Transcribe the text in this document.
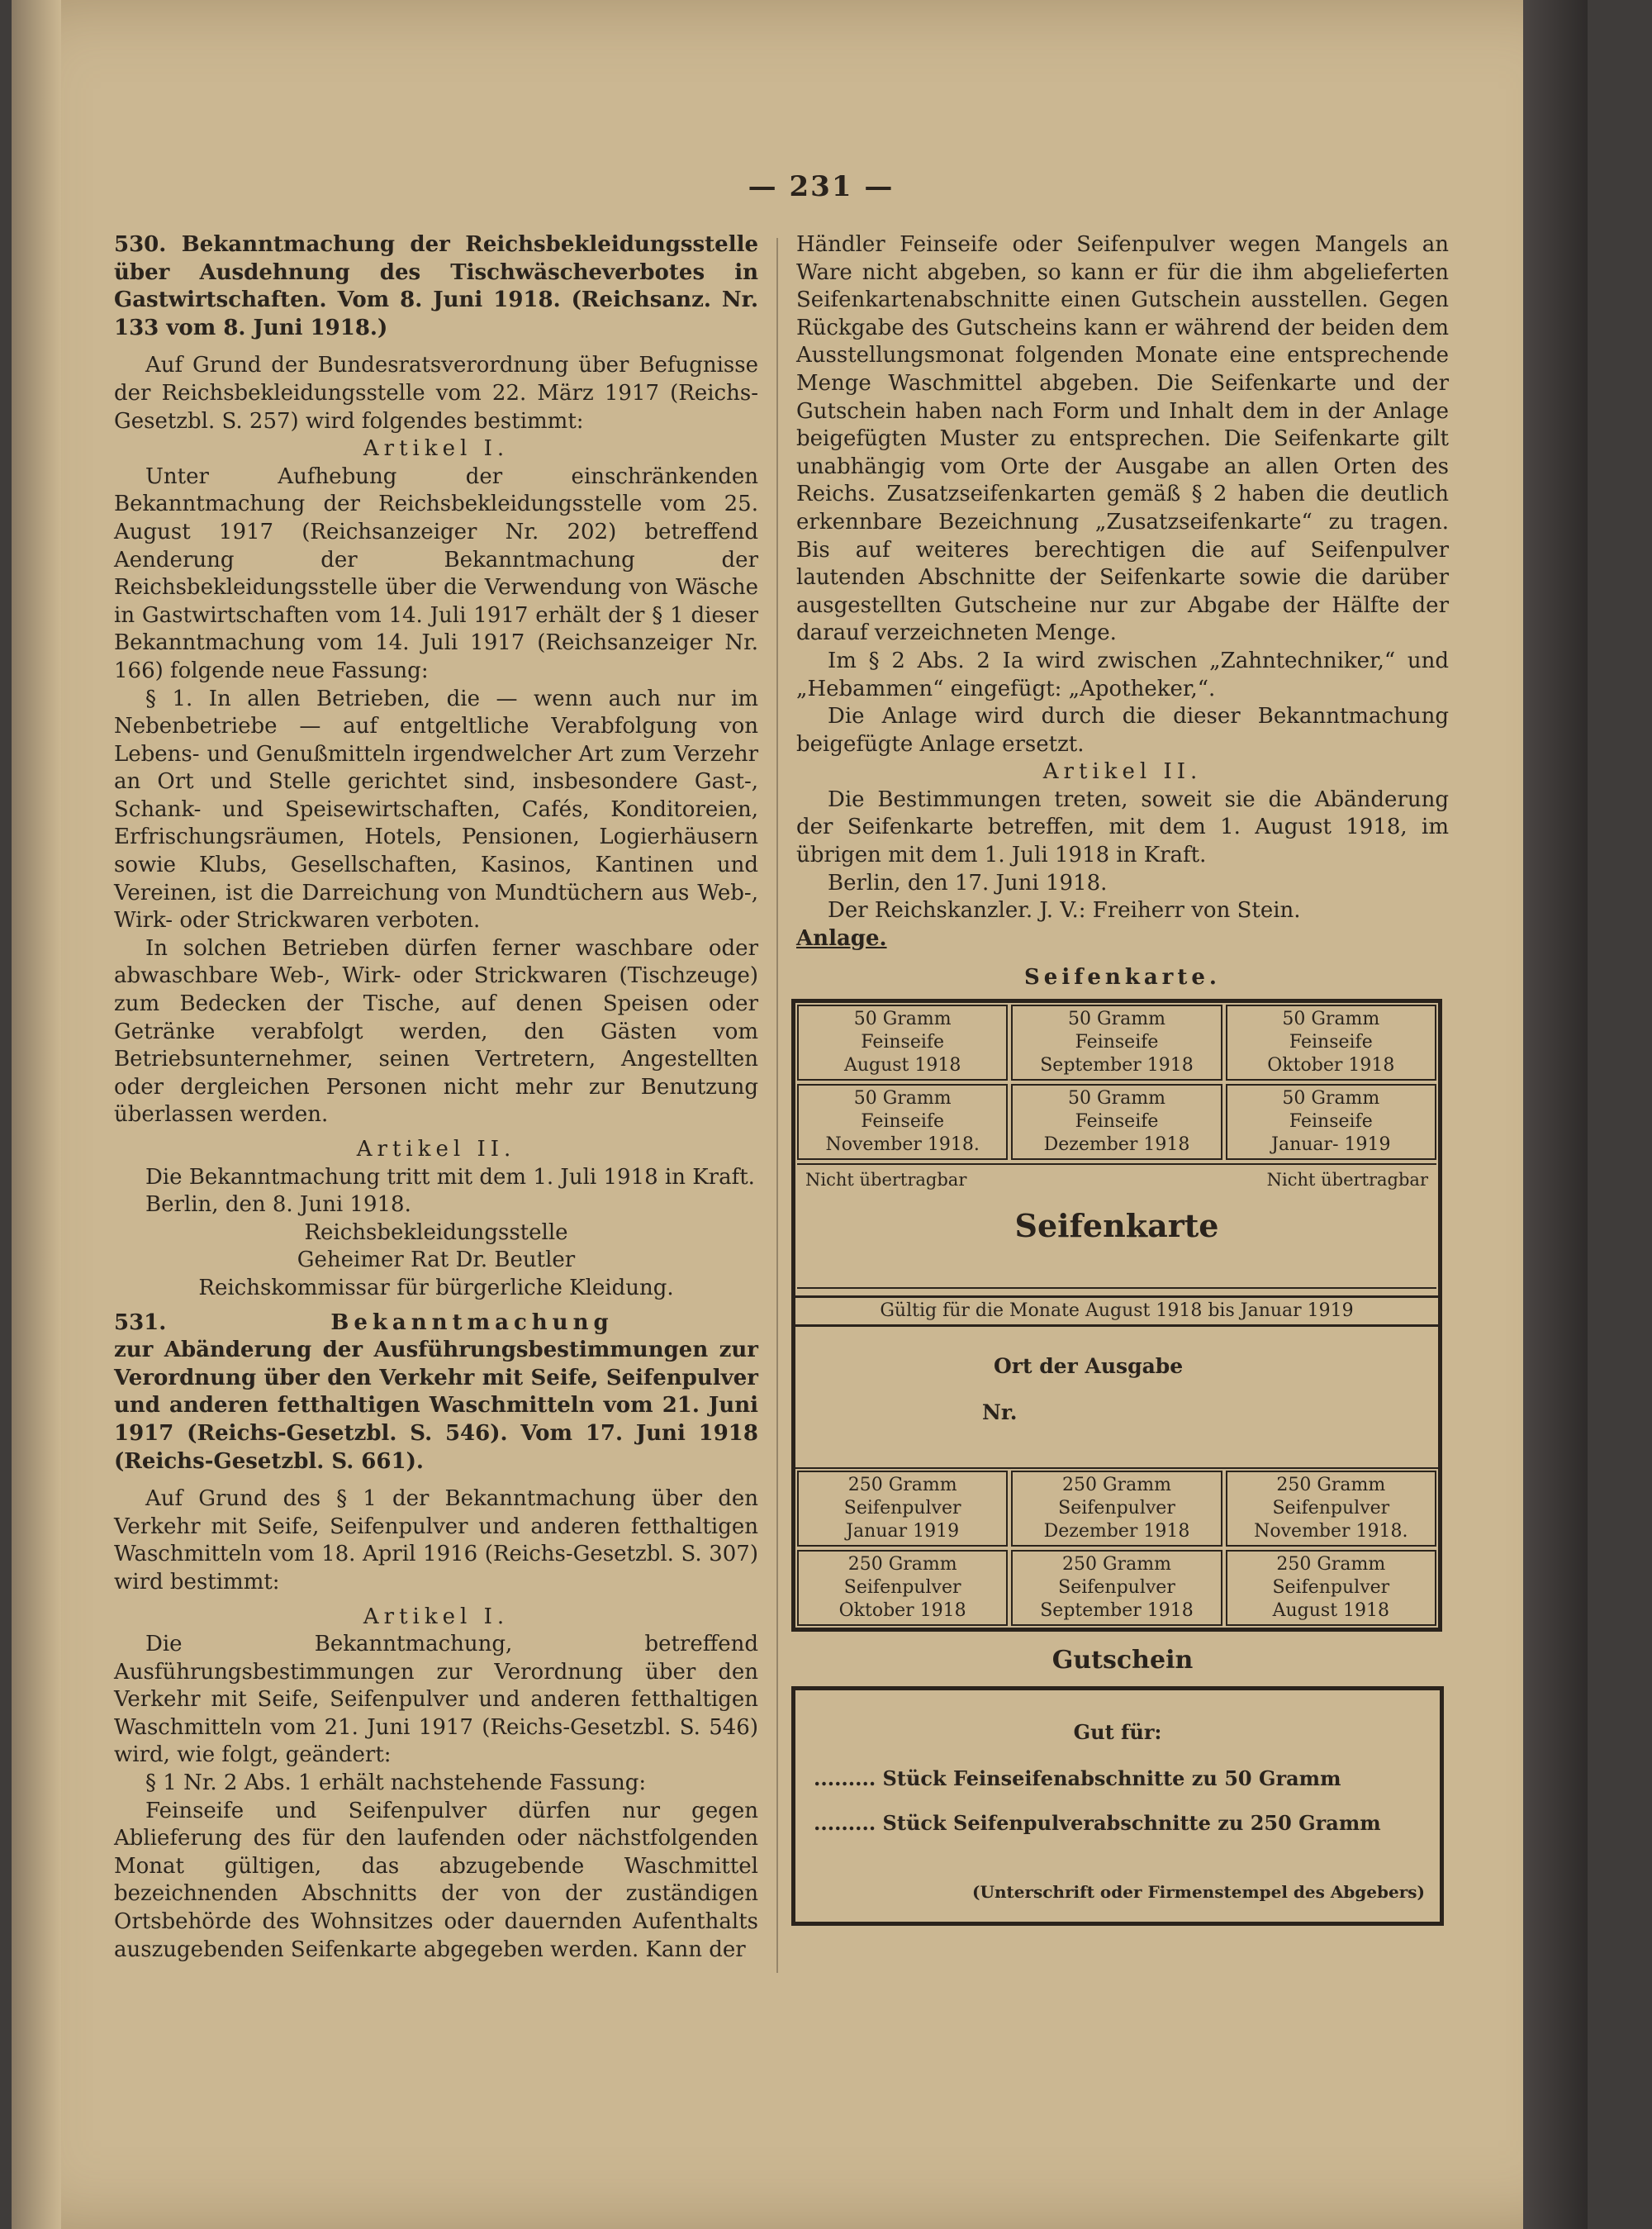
— 231 —

530. Bekanntmachung der Reichsbekleidungsstelle über Ausdehnung des Tischwäscheverbotes in Gastwirtschaften. Vom 8. Juni 1918. (Reichsanz. Nr. 133 vom 8. Juni 1918.)

Auf Grund der Bundesratsverordnung über Befugnisse der Reichsbekleidungsstelle vom 22. März 1917 (Reichs-Gesetzbl. S. 257) wird folgendes bestimmt:

Artikel I.

Unter Aufhebung der einschränkenden Bekanntmachung der Reichsbekleidungsstelle vom 25. August 1917 (Reichsanzeiger Nr. 202) betreffend Aenderung der Bekanntmachung der Reichsbekleidungsstelle über die Verwendung von Wäsche in Gastwirtschaften vom 14. Juli 1917 erhält der § 1 dieser Bekanntmachung vom 14. Juli 1917 (Reichsanzeiger Nr. 166) folgende neue Fassung:

§ 1. In allen Betrieben, die — wenn auch nur im Nebenbetriebe — auf entgeltliche Verabfolgung von Lebens- und Genußmitteln irgendwelcher Art zum Verzehr an Ort und Stelle gerichtet sind, insbesondere Gast-, Schank- und Speisewirtschaften, Cafés, Konditoreien, Erfrischungsräumen, Hotels, Pensionen, Logierhäusern sowie Klubs, Gesellschaften, Kasinos, Kantinen und Vereinen, ist die Darreichung von Mundtüchern aus Web-, Wirk- oder Strickwaren verboten.

In solchen Betrieben dürfen ferner waschbare oder abwaschbare Web-, Wirk- oder Strickwaren (Tischzeuge) zum Bedecken der Tische, auf denen Speisen oder Getränke verabfolgt werden, den Gästen vom Betriebsunternehmer, seinen Vertretern, Angestellten oder dergleichen Personen nicht mehr zur Benutzung überlassen werden.

Artikel II.

Die Bekanntmachung tritt mit dem 1. Juli 1918 in Kraft.

Berlin, den 8. Juni 1918.

Reichsbekleidungsstelle

Geheimer Rat Dr. Beutler

Reichskommissar für bürgerliche Kleidung.

531.	Bekanntmachung

zur Abänderung der Ausführungsbestimmungen zur Verordnung über den Verkehr mit Seife, Seifenpulver und anderen fetthaltigen Waschmitteln vom 21. Juni 1917 (Reichs-Gesetzbl. S. 546). Vom 17. Juni 1918 (Reichs-Gesetzbl. S. 661).

Auf Grund des § 1 der Bekanntmachung über den Verkehr mit Seife, Seifenpulver und anderen fetthaltigen Waschmitteln vom 18. April 1916 (Reichs-Gesetzbl. S. 307) wird bestimmt:

Artikel I.

Die Bekanntmachung, betreffend Ausführungsbestimmungen zur Verordnung über den Verkehr mit Seife, Seifenpulver und anderen fetthaltigen Waschmitteln vom 21. Juni 1917 (Reichs-Gesetzbl. S. 546) wird, wie folgt, geändert:

§ 1 Nr. 2 Abs. 1 erhält nachstehende Fassung:

Feinseife und Seifenpulver dürfen nur gegen Ablieferung des für den laufenden oder nächstfolgenden Monat gültigen, das abzugebende Waschmittel bezeichnenden Abschnitts der von der zuständigen Ortsbehörde des Wohnsitzes oder dauernden Aufenthalts auszugebenden Seifenkarte abgegeben werden. Kann der

Händler Feinseife oder Seifenpulver wegen Mangels an Ware nicht abgeben, so kann er für die ihm abgelieferten Seifenkartenabschnitte einen Gutschein ausstellen. Gegen Rückgabe des Gutscheins kann er während der beiden dem Ausstellungsmonat folgenden Monate eine entsprechende Menge Waschmittel abgeben. Die Seifenkarte und der Gutschein haben nach Form und Inhalt dem in der Anlage beigefügten Muster zu entsprechen. Die Seifenkarte gilt unabhängig vom Orte der Ausgabe an allen Orten des Reichs. Zusatzseifenkarten gemäß § 2 haben die deutlich erkennbare Bezeichnung „Zusatzseifenkarte“ zu tragen. Bis auf weiteres berechtigen die auf Seifenpulver lautenden Abschnitte der Seifenkarte sowie die darüber ausgestellten Gutscheine nur zur Abgabe der Hälfte der darauf verzeichneten Menge.

Im § 2 Abs. 2 Ia wird zwischen „Zahntechniker,“ und „Hebammen“ eingefügt: „Apotheker,“.

Die Anlage wird durch die dieser Bekanntmachung beigefügte Anlage ersetzt.

Artikel II.

Die Bestimmungen treten, soweit sie die Abänderung der Seifenkarte betreffen, mit dem 1. August 1918, im übrigen mit dem 1. Juli 1918 in Kraft.

Berlin, den 17. Juni 1918.

Der Reichskanzler. J. V.: Freiherr von Stein.

Anlage.

Seifenkarte.

50 Gramm
Feinseife
August 1918
50 Gramm
Feinseife
September 1918
50 Gramm
Feinseife
Oktober 1918
50 Gramm
Feinseife
November 1918.
50 Gramm
Feinseife
Dezember 1918
50 Gramm
Feinseife
Januar- 1919
Nicht übertragbar	Nicht übertragbar
Seifenkarte
Gültig für die Monate August 1918 bis Januar 1919
Ort der Ausgabe
Nr.
250 Gramm
Seifenpulver
Januar 1919
250 Gramm
Seifenpulver
Dezember 1918
250 Gramm
Seifenpulver
November 1918.
250 Gramm
Seifenpulver
Oktober 1918
250 Gramm
Seifenpulver
September 1918
250 Gramm
Seifenpulver
August 1918

Gutschein

Gut für:
......... Stück Feinseifenabschnitte zu 50 Gramm
......... Stück Seifenpulverabschnitte zu 250 Gramm
(Unterschrift oder Firmenstempel des Abgebers)
